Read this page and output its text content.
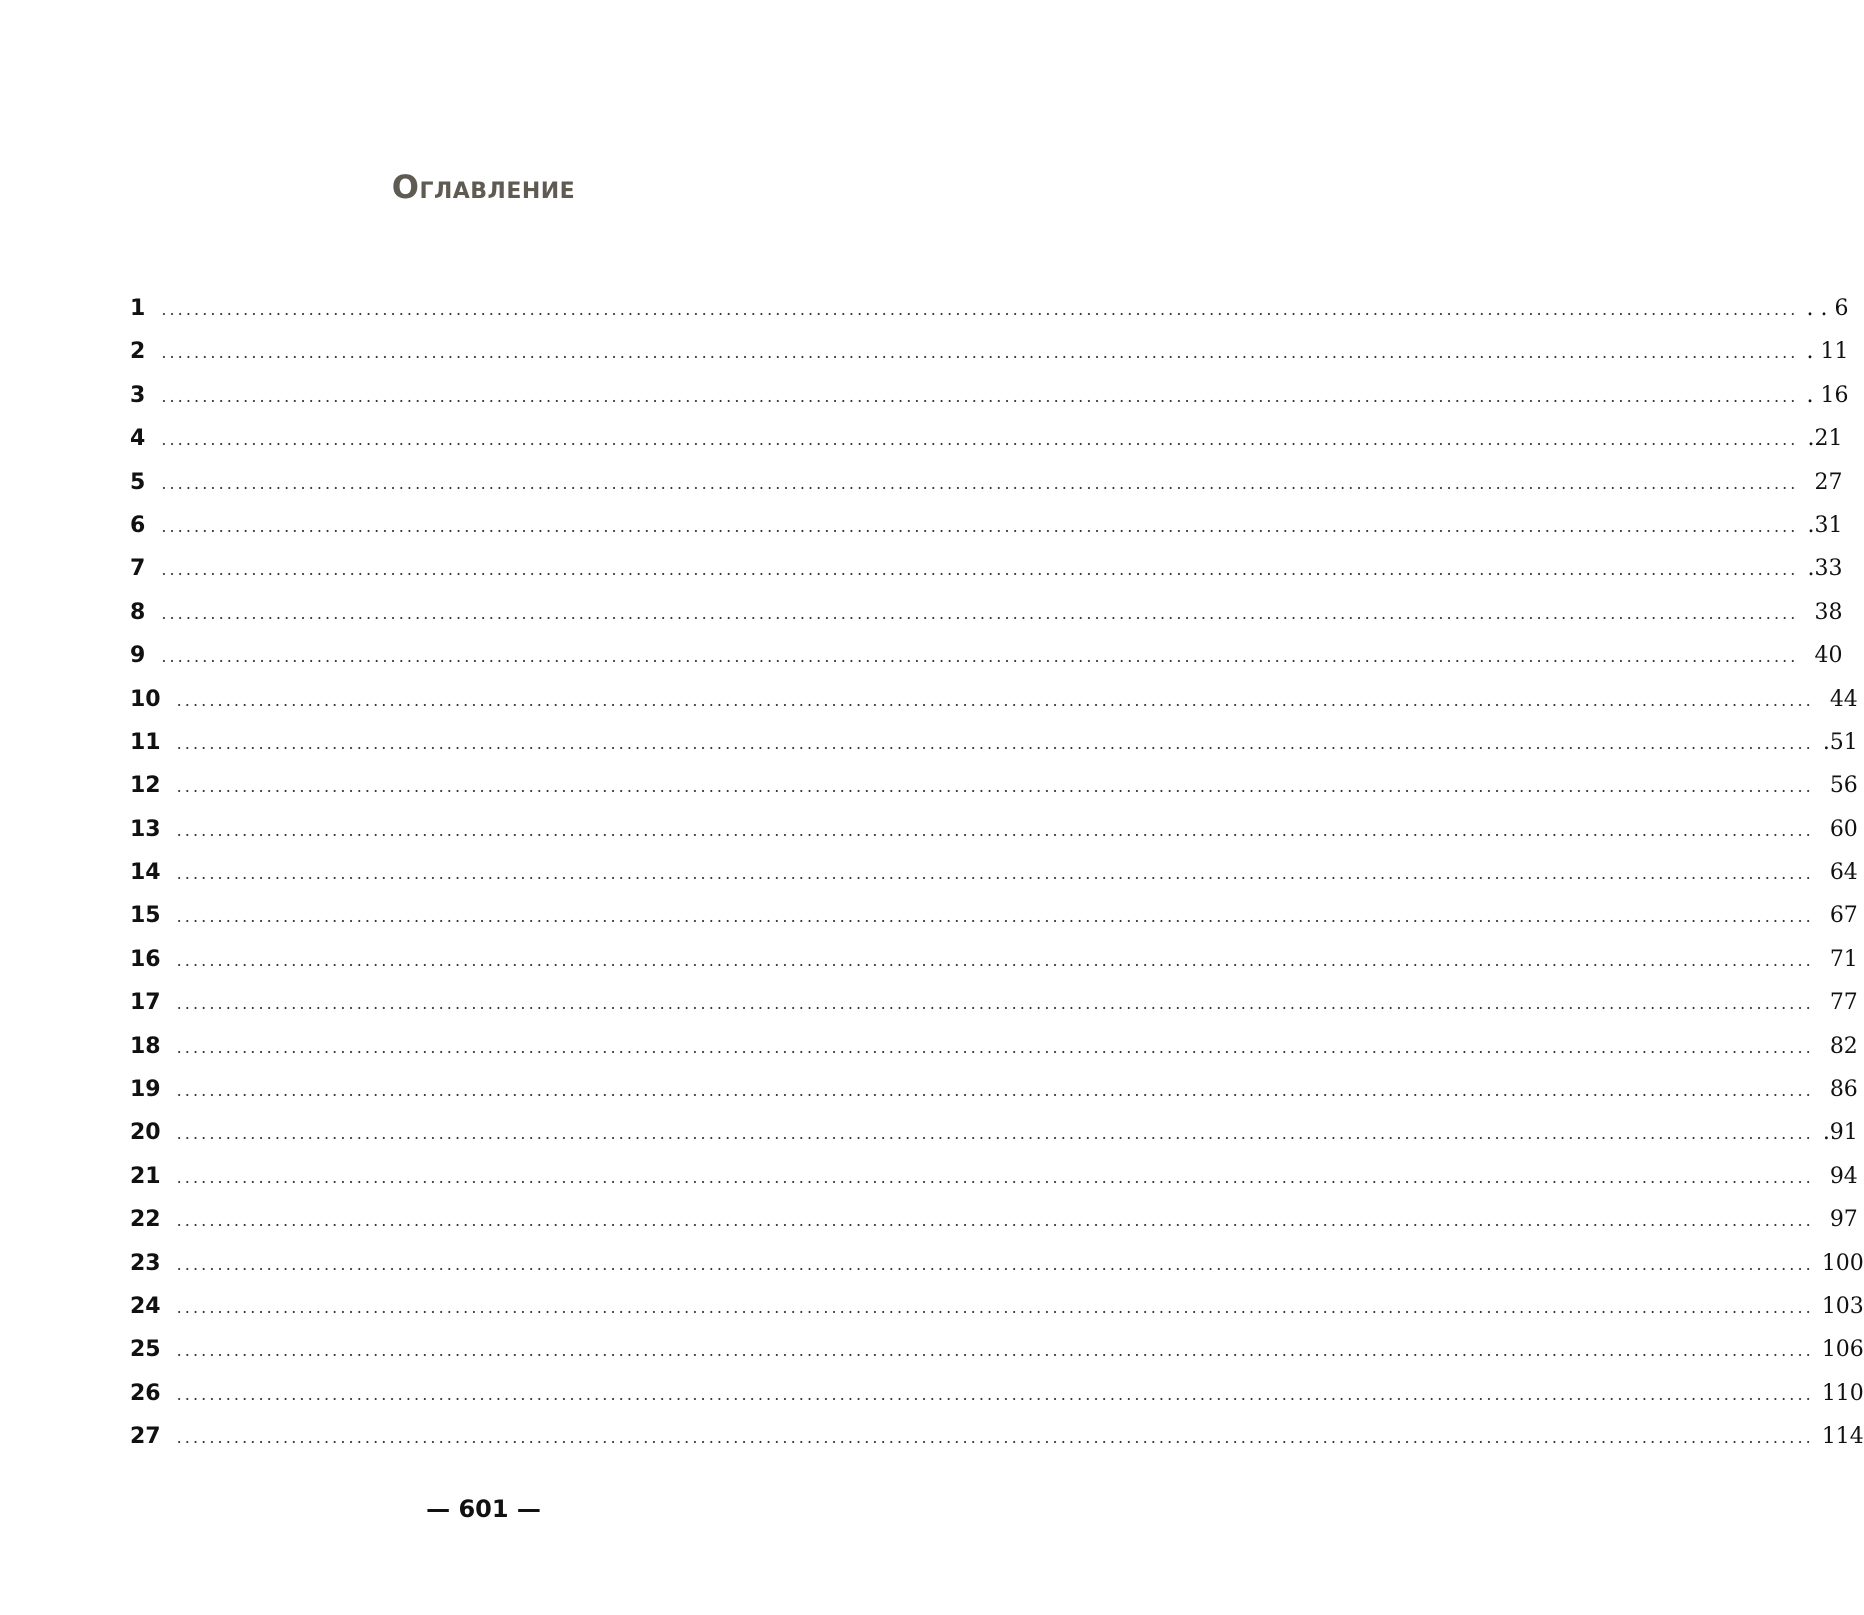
Оглавление
1	........................................................................................................................................................................................................ . . 6
2	........................................................................................................................................................................................................ . 11
3	........................................................................................................................................................................................................ . 16
4	........................................................................................................................................................................................................ .21
5	........................................................................................................................................................................................................ 27
6	........................................................................................................................................................................................................ .31
7	........................................................................................................................................................................................................ .33
8	........................................................................................................................................................................................................ 38
9	........................................................................................................................................................................................................ 40
10	........................................................................................................................................................................................................ 44
11	........................................................................................................................................................................................................ .51
12	........................................................................................................................................................................................................ 56
13	........................................................................................................................................................................................................ 60
14	........................................................................................................................................................................................................ 64
15	........................................................................................................................................................................................................ 67
16	........................................................................................................................................................................................................ 71
17	........................................................................................................................................................................................................ 77
18	........................................................................................................................................................................................................ 82
19	........................................................................................................................................................................................................ 86
20	........................................................................................................................................................................................................ .91
21	........................................................................................................................................................................................................ 94
22	........................................................................................................................................................................................................ 97
23	........................................................................................................................................................................................................ 100
24	........................................................................................................................................................................................................ 103
25	........................................................................................................................................................................................................ 106
26	........................................................................................................................................................................................................ 110
27	........................................................................................................................................................................................................ 114
— 601 —
